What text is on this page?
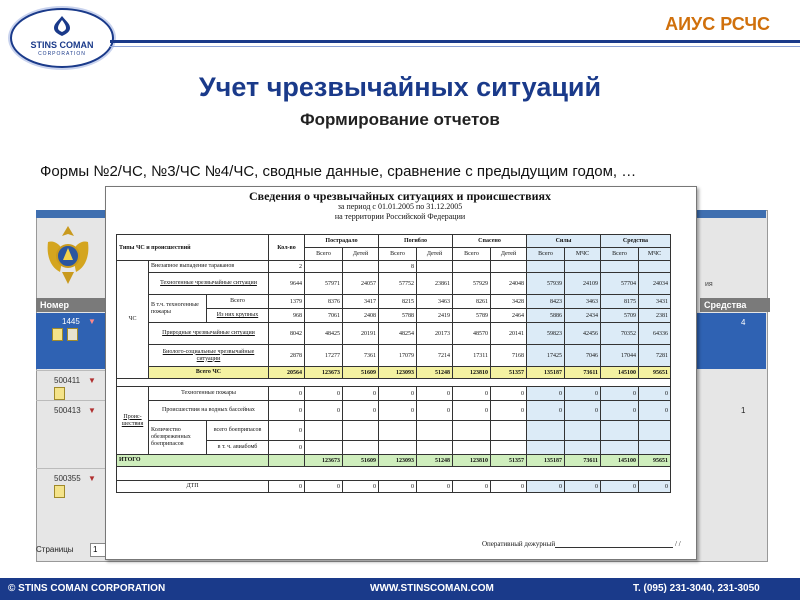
STINS COMAN
CORPORATION
АИУС РСЧС
Учет чрезвычайных ситуаций
Формирование отчетов
Формы №2/ЧС, №3/ЧС №4/ЧС, сводные данные, сравнение с предыдущим годом, …
ия
Номер	Средства
4
1445 ▼
500411 ▼
500413 ▼	1
500355 ▼
Страницы	1
Сведения о чрезвычайных ситуациях и происшествиях
за период с 01.01.2005 по 31.12.2005
на территории Российской Федерации
Типы ЧС и происшествий			Кол-во	Пострадало		Погибло		Спасено		Силы		Средства	
				Всего	Детей	Всего	Детей	Всего	Детей	Всего	МЧС	Всего	МЧС
ЧС	Внезапное выпадение тараканов		2			8							
	Техногенные чрезвычайные ситуации		9644	57971	24057	57752	23861	57929	24048	57939	24109	57704	24034
	В т.ч. техногенные пожары	Всего	1379	8376	3417	8215	3463	8261	3428	8423	3463	8175	3431
		Из них крупных	968	7061	2408	5788	2419	5789	2464	5886	2434	5709	2381
	Природные чрезвычайные ситуации		8042	48425	20191	48254	20173	48570	20141	59823	42456	70352	64336
	Биолого-социальные чрезвычайные ситуации		2878	17277	7361	17079	7214	17311	7168	17425	7046	17044	7281
	Всего ЧС		20564	123673	51609	123093	51248	123810	51357	135187	73611	145100	95651

Проис-шествия	Техногенные пожары		0	0	0	0	0	0	0	0	0	0	0
	Происшествия на водных бассейнах		0	0	0	0	0	0	0	0	0	0	0
	Количество обезвреженных боеприпасов	всего боеприпасов	0										
		в т. ч. авиабомб	0										
ИТОГО				123673	51609	123093	51248	123810	51357	135187	73611	145100	95651

ДТП			0	0	0	0	0	0	0	0	0	0	0
Оперативный дежурный	/ /
© STINS COMAN CORPORATION	WWW.STINSCOMAN.COM	Т. (095) 231-3040, 231-3050
